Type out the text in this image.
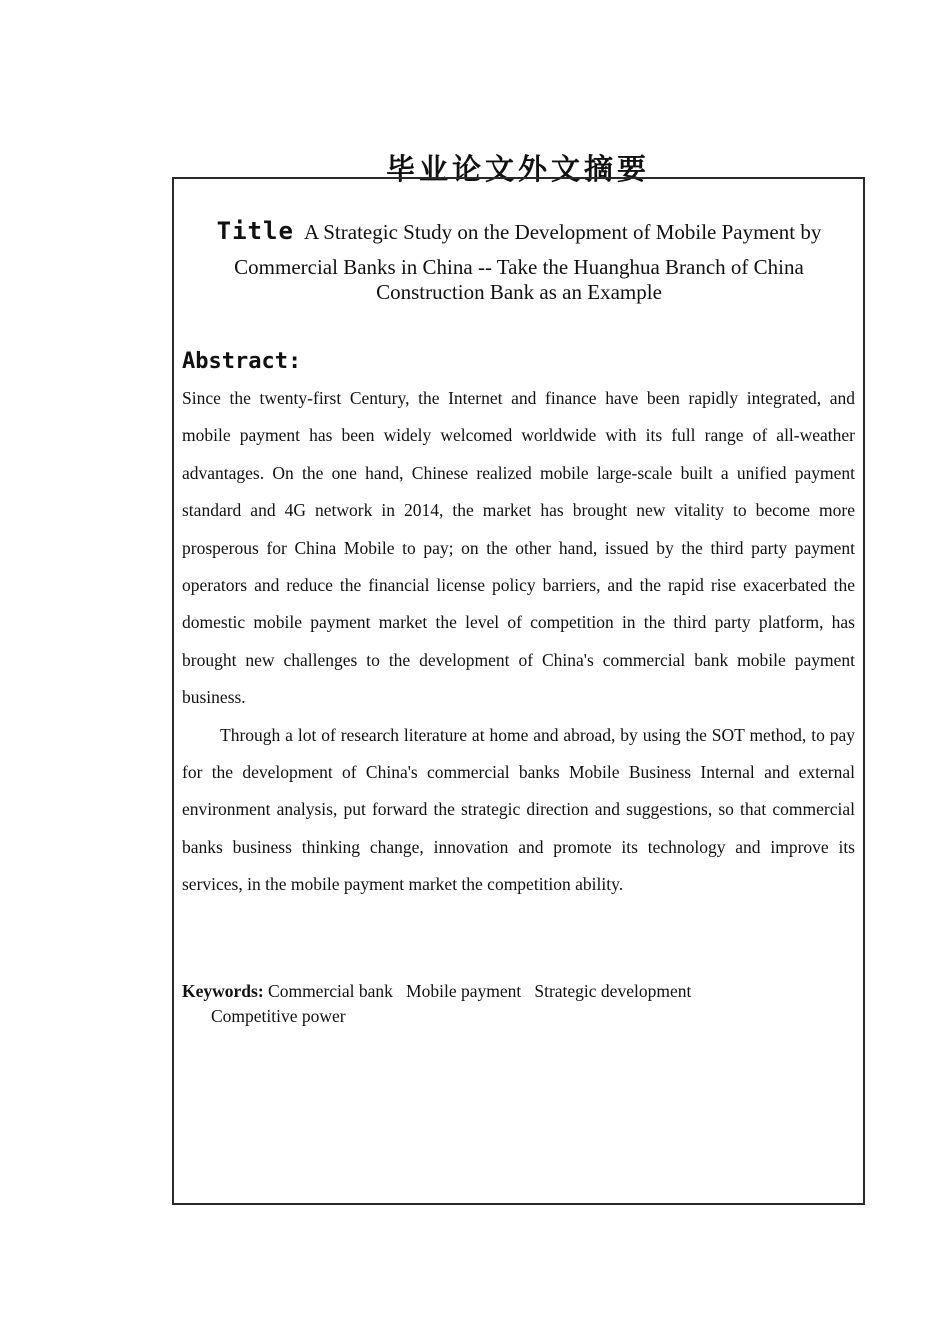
毕业论文外文摘要

Title A Strategic Study on the Development of Mobile Payment by

Commercial Banks in China -- Take the Huanghua Branch of China

Construction Bank as an Example

Abstract:

Since the twenty-first Century, the Internet and finance have been rapidly integrated, and mobile payment has been widely welcomed worldwide with its full range of all-weather advantages. On the one hand, Chinese realized mobile large-scale built a unified payment standard and 4G network in 2014, the market has brought new vitality to become more prosperous for China Mobile to pay; on the other hand, issued by the third party payment operators and reduce the financial license policy barriers, and the rapid rise exacerbated the domestic mobile payment market the level of competition in the third party platform, has brought new challenges to the development of China's commercial bank mobile payment business.

Through a lot of research literature at home and abroad, by using the SOT method, to pay for the development of China's commercial banks Mobile Business Internal and external environment analysis, put forward the strategic direction and suggestions, so that commercial banks business thinking change, innovation and promote its technology and improve its services, in the mobile payment market the competition ability.

Keywords: Commercial bank   Mobile payment   Strategic development
Competitive power
